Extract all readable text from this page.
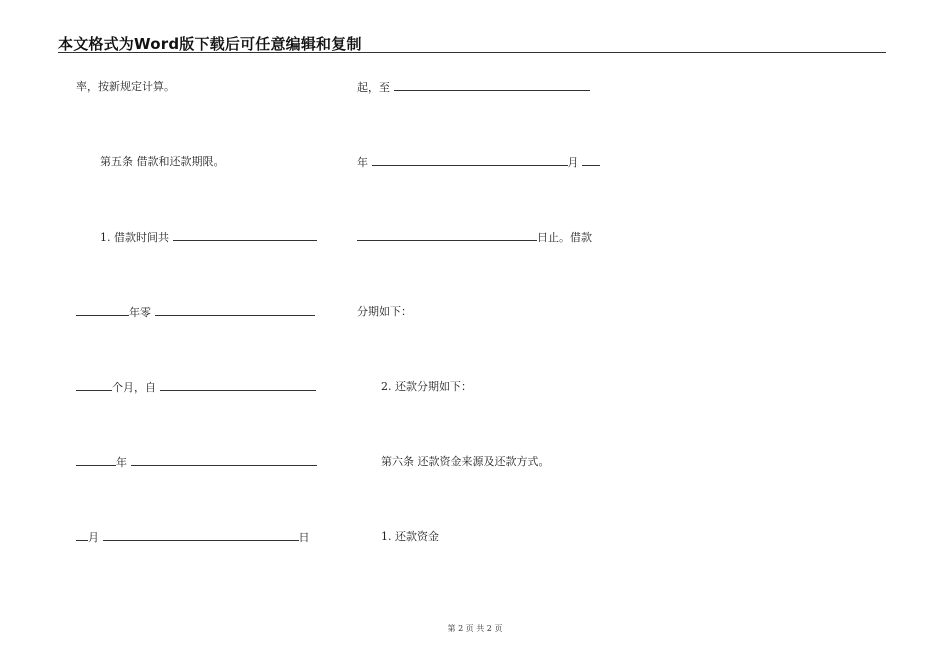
本文格式为Word版下载后可任意编辑和复制
率，按新规定计算。
第五条 借款和还款期限。
1. 借款时间共
年零
个月，自
年
月	日
起，至
年	月
日止。借款
分期如下：
2. 还款分期如下：
第六条 还款资金来源及还款方式。
1. 还款资金
第 2 页 共 2 页
